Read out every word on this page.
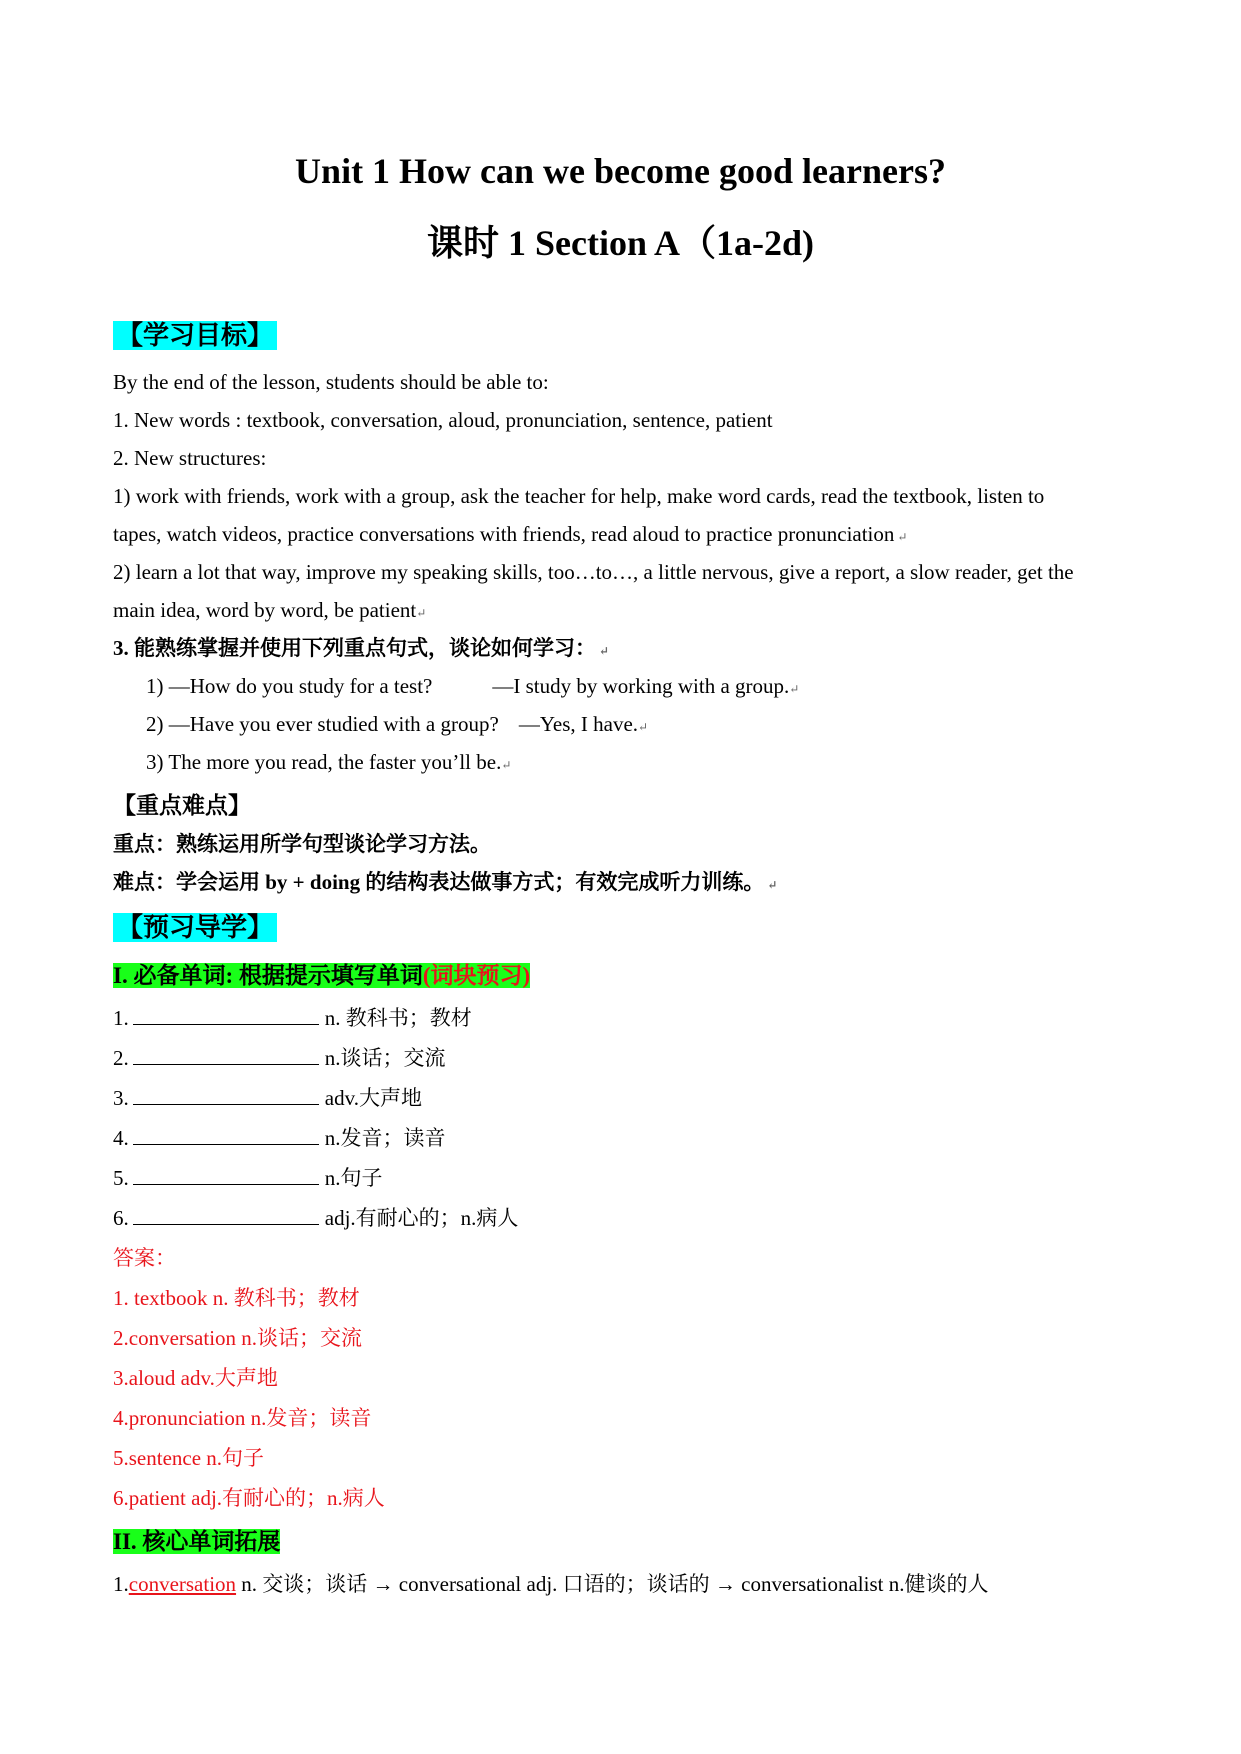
Unit 1 How can we become good learners?
课时 1 Section A（1a-2d)
【学习目标】
By the end of the lesson, students should be able to:
1. New words : textbook, conversation, aloud, pronunciation, sentence, patient
2. New structures:
1) work with friends, work with a group, ask the teacher for help, make word cards, read the textbook, listen to
tapes, watch videos, practice conversations with friends, read aloud to practice pronunciation ↵
2) learn a lot that way, improve my speaking skills, too…to…, a little nervous, give a report, a slow reader, get the
main idea, word by word, be patient↵
3. 能熟练掌握并使用下列重点句式，谈论如何学习： ↵
1) —How do you study for a test?	—I study by working with a group.↵
2) —Have you ever studied with a group? —Yes, I have.↵
3) The more you read, the faster you’ll be.↵
【重点难点】
重点：熟练运用所学句型谈论学习方法。
难点：学会运用 by + doing 的结构表达做事方式；有效完成听力训练。 ↵
【预习导学】
I. 必备单词: 根据提示填写单词(词块预习)
1.	n. 教科书；教材
2.	n.谈话；交流
3.	adv.大声地
4.	n.发音；读音
5.	n.句子
6.	adj.有耐心的；n.病人
答案：
1. textbook n. 教科书；教材
2.conversation n.谈话；交流
3.aloud adv.大声地
4.pronunciation n.发音；读音
5.sentence n.句子
6.patient adj.有耐心的；n.病人
II. 核心单词拓展
1.conversation n. 交谈；谈话 → conversational adj. 口语的；谈话的 → conversationalist n.健谈的人
